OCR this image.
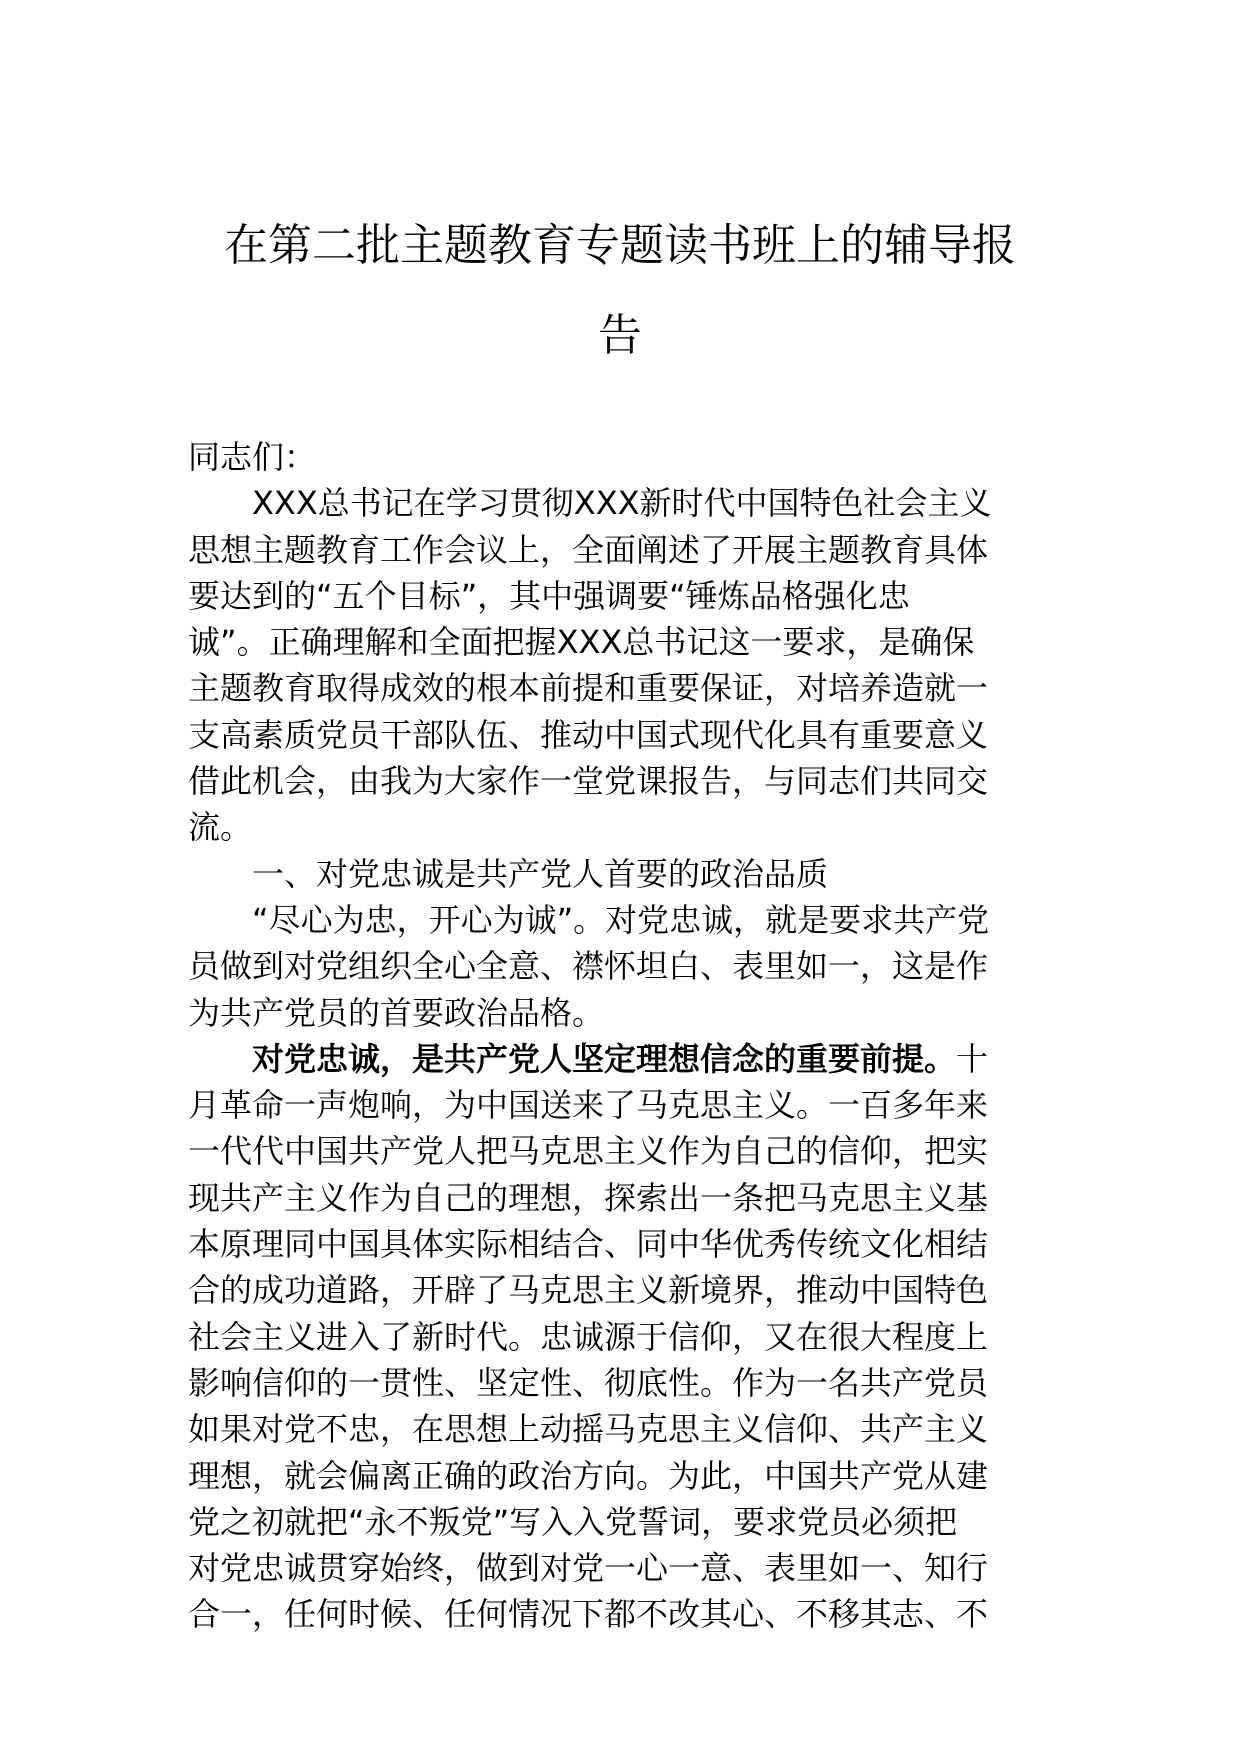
在第二批主题教育专题读书班上的辅导报
告
同志们：
XXX总书记在学习贯彻XXX新时代中国特色社会主义
思想主题教育工作会议上，全面阐述了开展主题教育具体
要达到的“五个目标”，其中强调要“锤炼品格强化忠
诚”。正确理解和全面把握XXX总书记这一要求，是确保
主题教育取得成效的根本前提和重要保证，对培养造就一
支高素质党员干部队伍、推动中国式现代化具有重要意义
借此机会，由我为大家作一堂党课报告，与同志们共同交
流。
一、对党忠诚是共产党人首要的政治品质
“尽心为忠，开心为诚”。对党忠诚，就是要求共产党
员做到对党组织全心全意、襟怀坦白、表里如一，这是作
为共产党员的首要政治品格。
对党忠诚，是共产党人坚定理想信念的重要前提。十
月革命一声炮响，为中国送来了马克思主义。一百多年来
一代代中国共产党人把马克思主义作为自己的信仰，把实
现共产主义作为自己的理想，探索出一条把马克思主义基
本原理同中国具体实际相结合、同中华优秀传统文化相结
合的成功道路，开辟了马克思主义新境界，推动中国特色
社会主义进入了新时代。忠诚源于信仰，又在很大程度上
影响信仰的一贯性、坚定性、彻底性。作为一名共产党员
如果对党不忠，在思想上动摇马克思主义信仰、共产主义
理想，就会偏离正确的政治方向。为此，中国共产党从建
党之初就把“永不叛党”写入入党誓词，要求党员必须把
对党忠诚贯穿始终，做到对党一心一意、表里如一、知行
合一，任何时候、任何情况下都不改其心、不移其志、不
